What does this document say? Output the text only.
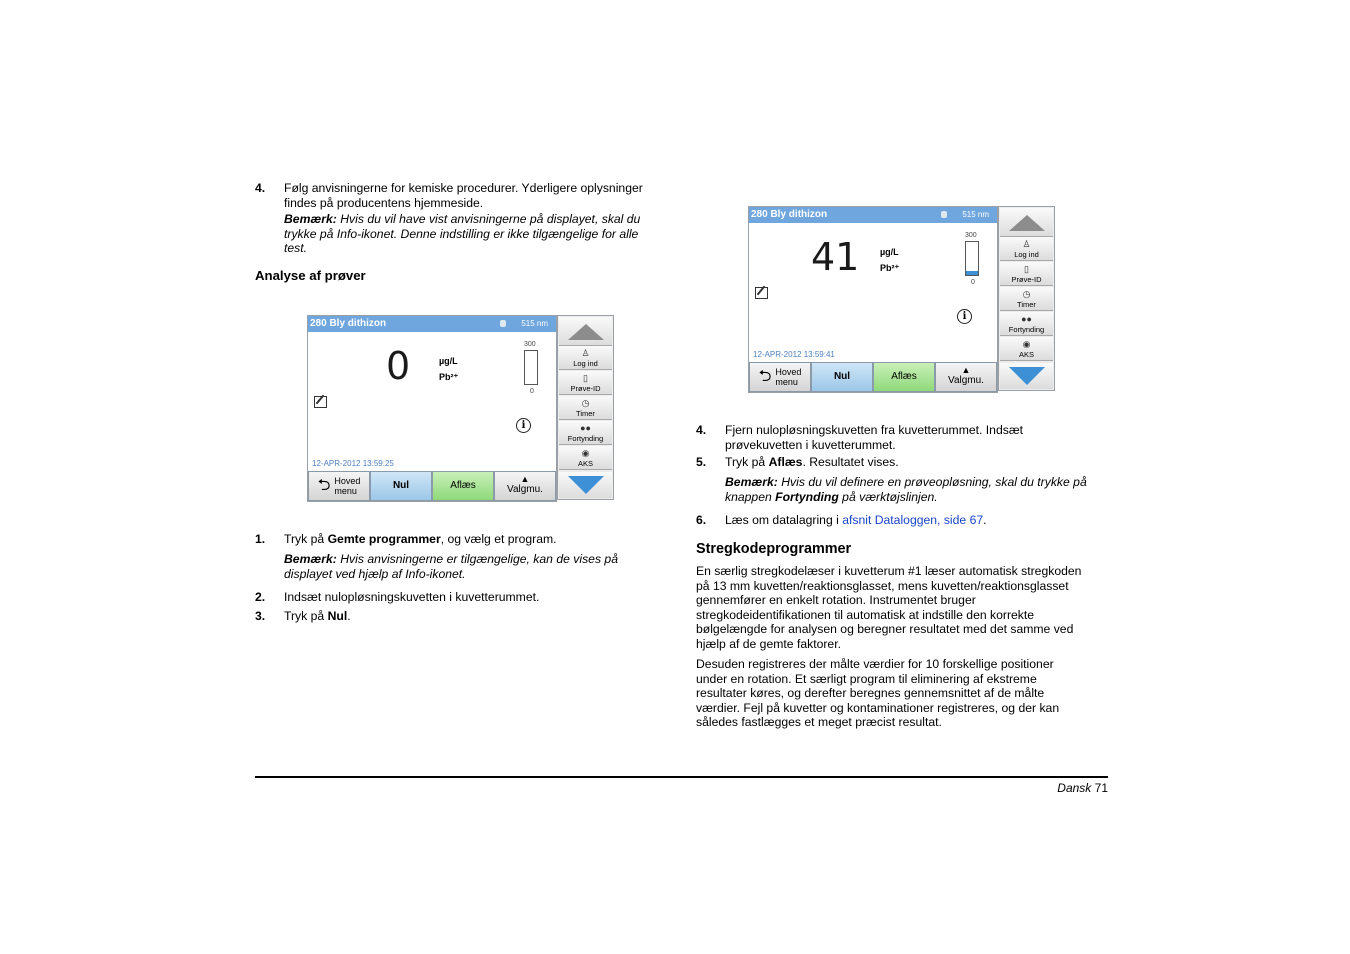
4. Følg anvisningerne for kemiske procedurer. Yderligere oplysninger
findes på producentens hjemmeside.
Bemærk: Hvis du vil have vist anvisningerne på displayet, skal du
trykke på Info-ikonet. Denne indstilling er ikke tilgængelige for alle
test.
Analyse af prøver
280 Bly dithizon	515 nm
0	µg/L
Pb²⁺
300
0
i
12-APR-2012 13:59:25
⮌ Hoved
menu
Nul	Aflæs
▲
Valgmu.
♙
Log ind
▯
Prøve-ID
◷
Timer
●●
Fortynding
◉
AKS
1. Tryk på Gemte programmer, og vælg et program.
Bemærk: Hvis anvisningerne er tilgængelige, kan de vises på
displayet ved hjælp af Info-ikonet.
2. Indsæt nulopløsningskuvetten i kuvetterummet.
3. Tryk på Nul.
280 Bly dithizon	515 nm
41 µg/L
Pb²⁺
300
0
i
12-APR-2012 13:59:41
⮌ Hoved
menu
Nul	Aflæs
▲
Valgmu.
♙
Log ind
▯
Prøve-ID
◷
Timer
●●
Fortynding
◉
AKS
4. Fjern nulopløsningskuvetten fra kuvetterummet. Indsæt
prøvekuvetten i kuvetterummet.
5. Tryk på Aflæs. Resultatet vises.
Bemærk: Hvis du vil definere en prøveopløsning, skal du trykke på
knappen Fortynding på værktøjslinjen.
6. Læs om datalagring i afsnit Dataloggen, side 67.
Stregkodeprogrammer
En særlig stregkodelæser i kuvetterum #1 læser automatisk stregkoden
på 13 mm kuvetten/reaktionsglasset, mens kuvetten/reaktionsglasset
gennemfører en enkelt rotation. Instrumentet bruger
stregkodeidentifikationen til automatisk at indstille den korrekte
bølgelængde for analysen og beregner resultatet med det samme ved
hjælp af de gemte faktorer.
Desuden registreres der målte værdier for 10 forskellige positioner
under en rotation. Et særligt program til eliminering af ekstreme
resultater køres, og derefter beregnes gennemsnittet af de målte
værdier. Fejl på kuvetter og kontaminationer registreres, og der kan
således fastlægges et meget præcist resultat.
Dansk 71
